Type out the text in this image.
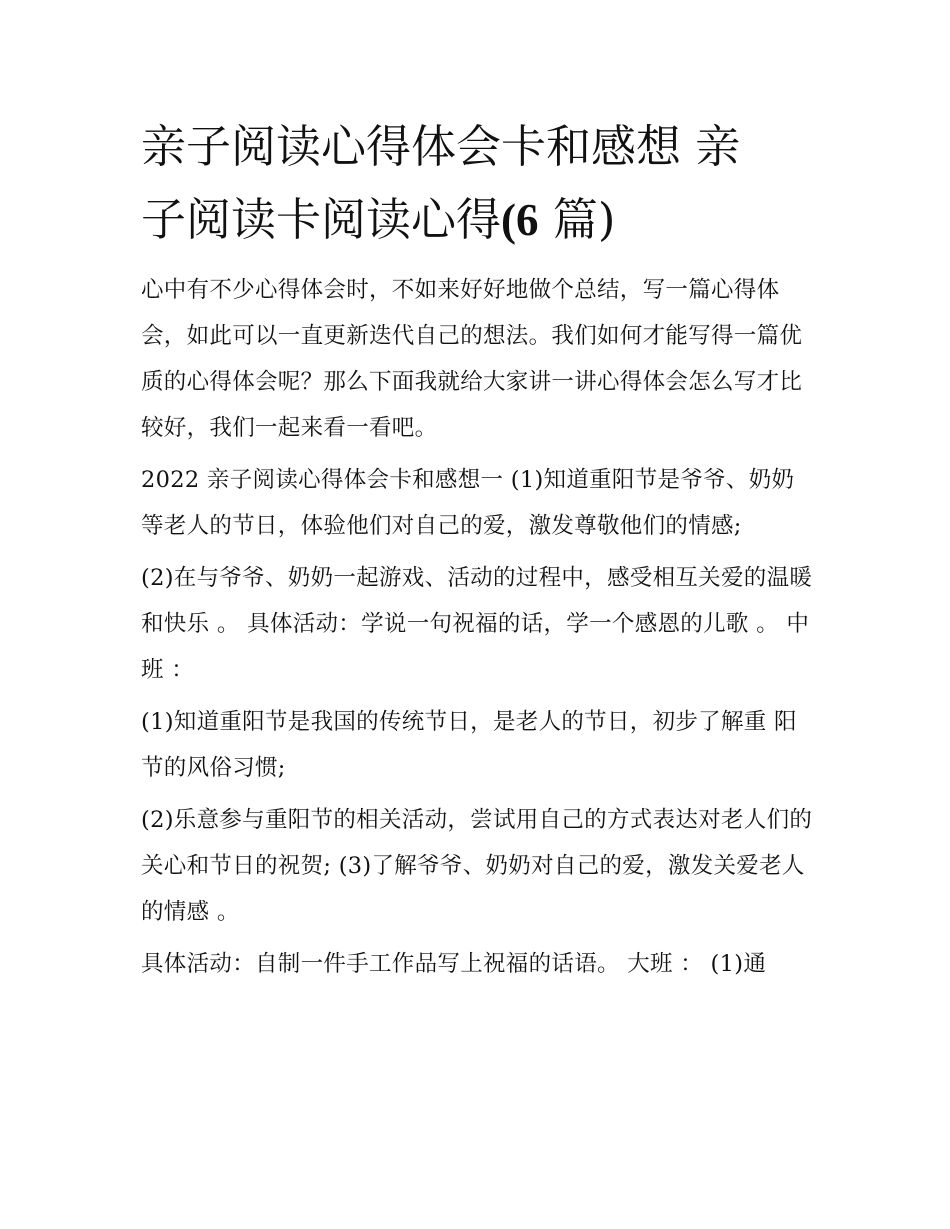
亲子阅读心得体会卡和感想 亲
子阅读卡阅读心得(6 篇)

心中有不少心得体会时，不如来好好地做个总结，写一篇心得体会，如此可以一直更新迭代自己的想法。我们如何才能写得一篇优质的心得体会呢？那么下面我就给大家讲一讲心得体会怎么写才比较好，我们一起来看一看吧。

2022 亲子阅读心得体会卡和感想一 (1)知道重阳节是爷爷、奶奶等老人的节日，体验他们对自己的爱，激发尊敬他们的情感;

(2)在与爷爷、奶奶一起游戏、活动的过程中，感受相互关爱的温暖和快乐 。 具体活动：学说一句祝福的话，学一个感恩的儿歌 。 中班 ：

(1)知道重阳节是我国的传统节日，是老人的节日，初步了解重 阳节的风俗习惯;

(2)乐意参与重阳节的相关活动，尝试用自己的方式表达对老人们的关心和节日的祝贺; (3)了解爷爷、奶奶对自己的爱，激发关爱老人的情感 。

具体活动：自制一件手工作品写上祝福的话语。 大班 ： (1)通
